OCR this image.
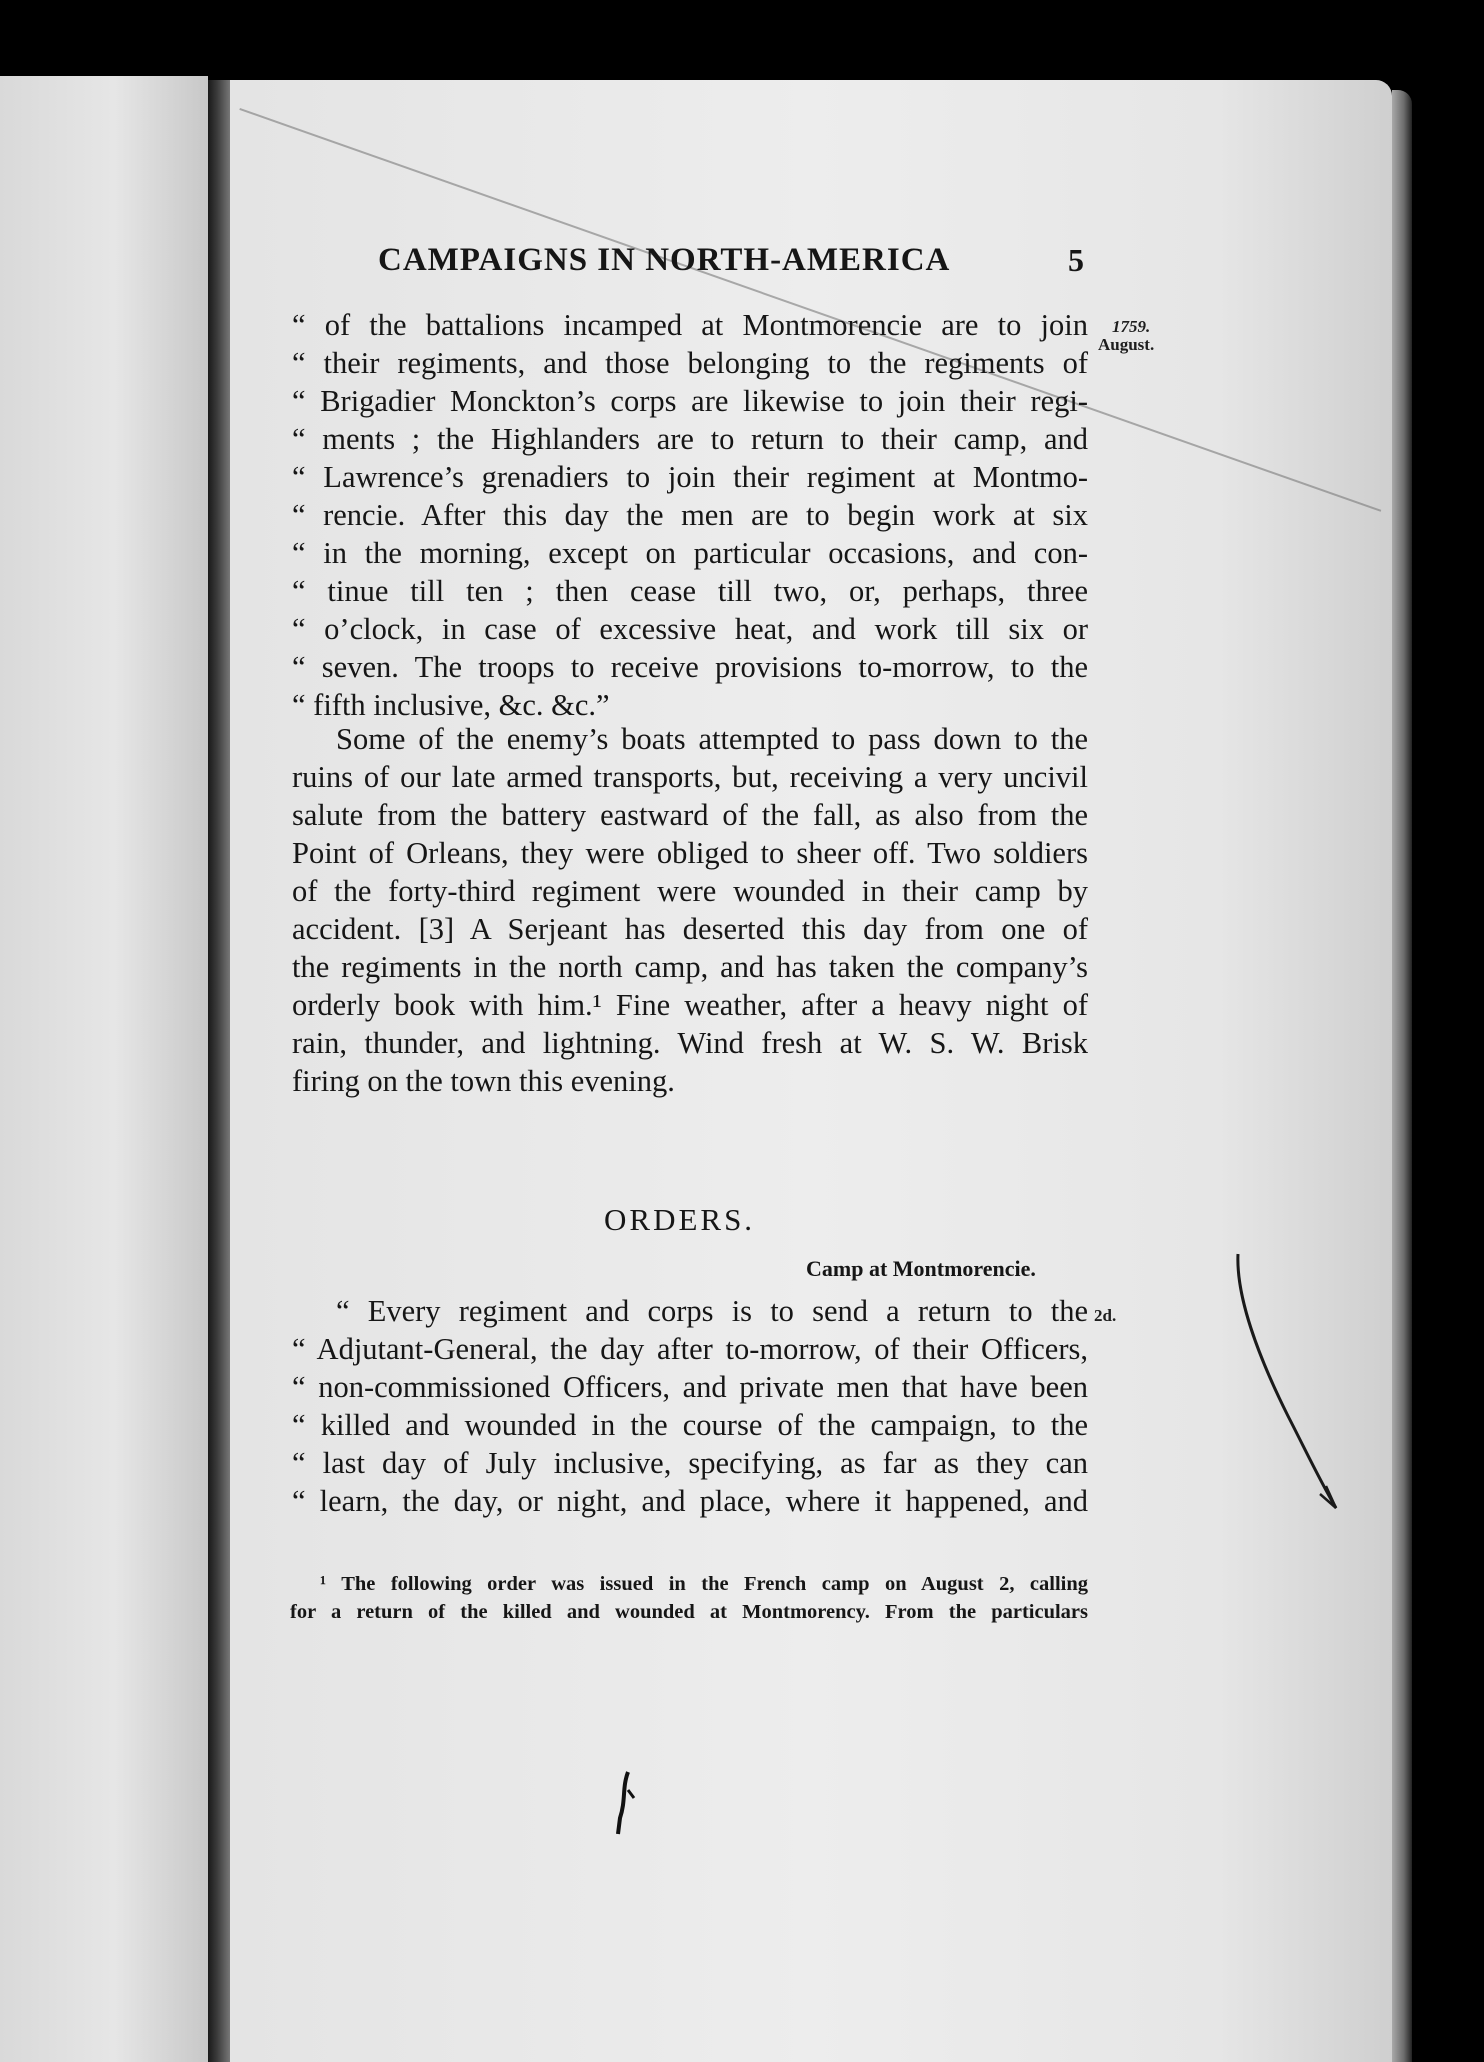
CAMPAIGNS IN NORTH-AMERICA	5
1759.
August.
“ of the battalions incamped at Montmorencie are to join
“ their regiments, and those belonging to the regiments of
“ Brigadier Monckton’s corps are likewise to join their regi-
“ ments ; the Highlanders are to return to their camp, and
“ Lawrence’s grenadiers to join their regiment at Montmo-
“ rencie. After this day the men are to begin work at six
“ in the morning, except on particular occasions, and con-
“ tinue till ten ; then cease till two, or, perhaps, three
“ o’clock, in case of excessive heat, and work till six or
“ seven. The troops to receive provisions to-morrow, to the
“ fifth inclusive, &c. &c.”
Some of the enemy’s boats attempted to pass down to the
ruins of our late armed transports, but, receiving a very uncivil
salute from the battery eastward of the fall, as also from the
Point of Orleans, they were obliged to sheer off. Two soldiers
of the forty-third regiment were wounded in their camp by
accident. [3] A Serjeant has deserted this day from one of
the regiments in the north camp, and has taken the company’s
orderly book with him.¹ Fine weather, after a heavy night of
rain, thunder, and lightning. Wind fresh at W. S. W. Brisk
firing on the town this evening.
ORDERS.
Camp at Montmorencie.
2d.
“ Every regiment and corps is to send a return to the
“ Adjutant-General, the day after to-morrow, of their Officers,
“ non-commissioned Officers, and private men that have been
“ killed and wounded in the course of the campaign, to the
“ last day of July inclusive, specifying, as far as they can
“ learn, the day, or night, and place, where it happened, and
¹ The following order was issued in the French camp on August 2, calling
for a return of the killed and wounded at Montmorency. From the particulars
